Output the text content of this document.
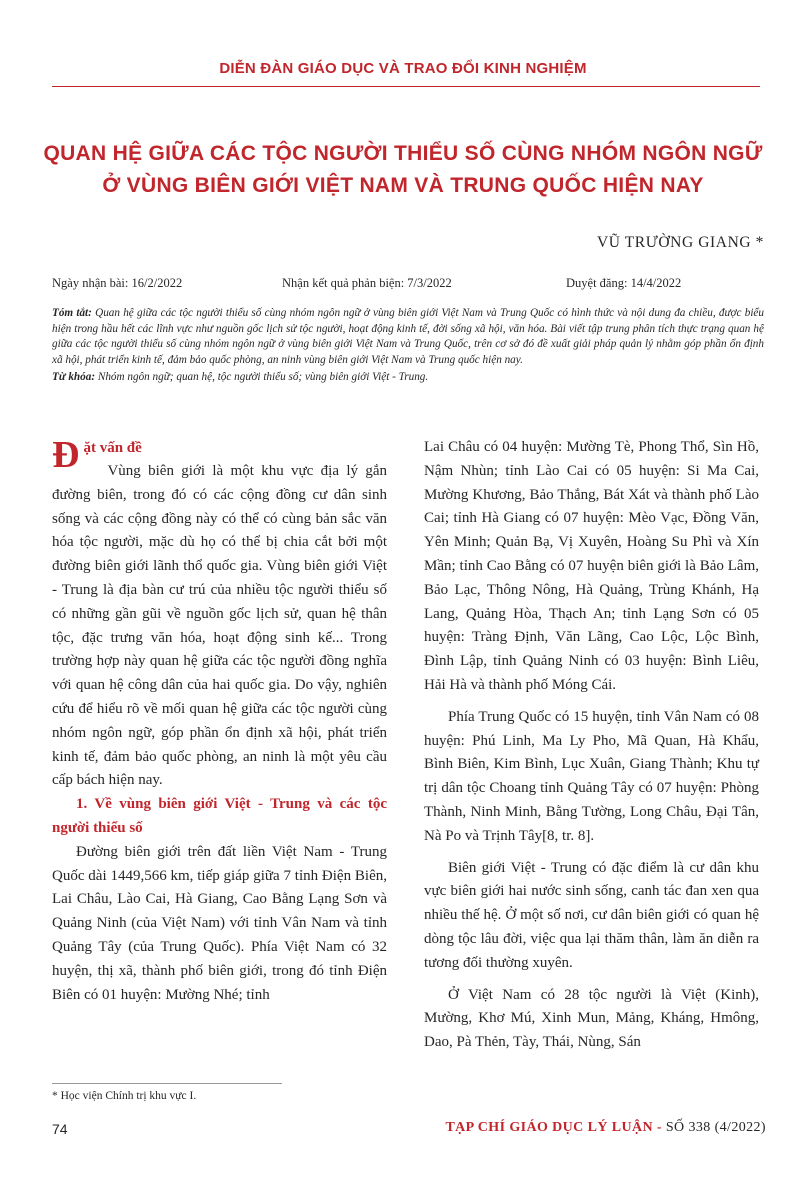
DIỄN ĐÀN GIÁO DỤC VÀ TRAO ĐỔI KINH NGHIỆM
QUAN HỆ GIỮA CÁC TỘC NGƯỜI THIỂU SỐ CÙNG NHÓM NGÔN NGỮ
Ở VÙNG BIÊN GIỚI VIỆT NAM VÀ TRUNG QUỐC HIỆN NAY
VŨ TRƯỜNG GIANG *
Ngày nhận bài: 16/2/2022	Nhận kết quả phản biện: 7/3/2022	Duyệt đăng: 14/4/2022
Tóm tắt: Quan hệ giữa các tộc người thiểu số cùng nhóm ngôn ngữ ở vùng biên giới Việt Nam và Trung Quốc có hình thức và nội dung đa chiều, được biểu hiện trong hầu hết các lĩnh vực như nguồn gốc lịch sử tộc người, hoạt động kinh tế, đời sống xã hội, văn hóa. Bài viết tập trung phân tích thực trạng quan hệ giữa các tộc người thiểu số cùng nhóm ngôn ngữ ở vùng biên giới Việt Nam và Trung Quốc, trên cơ sở đó đề xuất giải pháp quản lý nhằm góp phần ổn định xã hội, phát triển kinh tế, đảm bảo quốc phòng, an ninh vùng biên giới Việt Nam và Trung quốc hiện nay.
Từ khóa: Nhóm ngôn ngữ; quan hệ, tộc người thiểu số; vùng biên giới Việt - Trung.
Đặt vấn đề

Vùng biên giới là một khu vực địa lý gắn đường biên, trong đó có các cộng đồng cư dân sinh sống và các cộng đồng này có thể có cùng bản sắc văn hóa tộc người, mặc dù họ có thể bị chia cắt bởi một đường biên giới lãnh thổ quốc gia. Vùng biên giới Việt - Trung là địa bàn cư trú của nhiều tộc người thiểu số có những gần gũi về nguồn gốc lịch sử, quan hệ thân tộc, đặc trưng văn hóa, hoạt động sinh kế... Trong trường hợp này quan hệ giữa các tộc người đồng nghĩa với quan hệ công dân của hai quốc gia. Do vậy, nghiên cứu để hiểu rõ về mối quan hệ giữa các tộc người cùng nhóm ngôn ngữ, góp phần ổn định xã hội, phát triển kinh tế, đảm bảo quốc phòng, an ninh là một yêu cầu cấp bách hiện nay.

1. Về vùng biên giới Việt - Trung và các tộc người thiểu số

Đường biên giới trên đất liền Việt Nam - Trung Quốc dài 1449,566 km, tiếp giáp giữa 7 tỉnh Điện Biên, Lai Châu, Lào Cai, Hà Giang, Cao Bằng Lạng Sơn và Quảng Ninh (của Việt Nam) với tỉnh Vân Nam và tỉnh Quảng Tây (của Trung Quốc). Phía Việt Nam có 32 huyện, thị xã, thành phố biên giới, trong đó tỉnh Điện Biên có 01 huyện: Mường Nhé; tỉnh

Lai Châu có 04 huyện: Mường Tè, Phong Thổ, Sìn Hồ, Nậm Nhùn; tỉnh Lào Cai có 05 huyện: Si Ma Cai, Mường Khương, Bảo Thắng, Bát Xát và thành phố Lào Cai; tỉnh Hà Giang có 07 huyện: Mèo Vạc, Đồng Văn, Yên Minh; Quản Bạ, Vị Xuyên, Hoàng Su Phì và Xín Mần; tỉnh Cao Bằng có 07 huyện biên giới là Bảo Lâm, Bảo Lạc, Thông Nông, Hà Quảng, Trùng Khánh, Hạ Lang, Quảng Hòa, Thạch An; tỉnh Lạng Sơn có 05 huyện: Tràng Định, Văn Lãng, Cao Lộc, Lộc Bình, Đình Lập, tỉnh Quảng Ninh có 03 huyện: Bình Liêu, Hải Hà và thành phố Móng Cái.

Phía Trung Quốc có 15 huyện, tỉnh Vân Nam có 08 huyện: Phú Linh, Ma Ly Pho, Mã Quan, Hà Khẩu, Bình Biên, Kim Bình, Lục Xuân, Giang Thành; Khu tự trị dân tộc Choang tỉnh Quảng Tây có 07 huyện: Phòng Thành, Ninh Minh, Bằng Tường, Long Châu, Đại Tân, Nà Po và Trịnh Tây[8, tr. 8].

Biên giới Việt - Trung có đặc điểm là cư dân khu vực biên giới hai nước sinh sống, canh tác đan xen qua nhiều thế hệ. Ở một số nơi, cư dân biên giới có quan hệ dòng tộc lâu đời, việc qua lại thăm thân, làm ăn diễn ra tương đối thường xuyên.

Ở Việt Nam có 28 tộc người là Việt (Kinh), Mường, Khơ Mú, Xinh Mun, Mảng, Kháng, Hmông, Dao, Pà Thẻn, Tày, Thái, Nùng, Sán

* Học viện Chính trị khu vực I.
74	TẠP CHÍ GIÁO DỤC LÝ LUẬN - SỐ 338 (4/2022)
